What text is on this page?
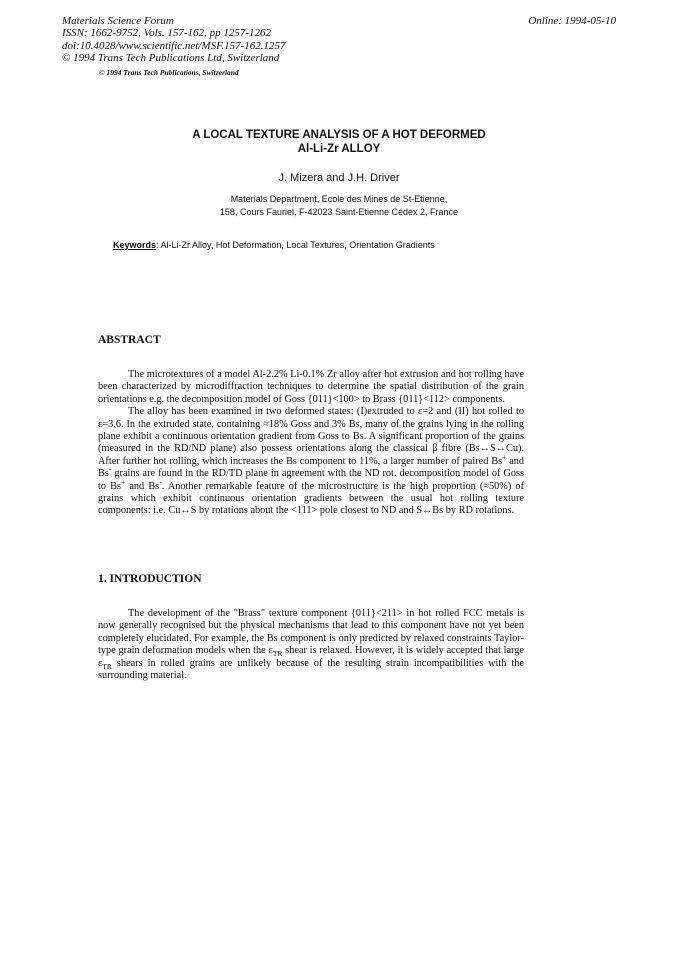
Materials Science Forum
ISSN: 1662-9752, Vols. 157-162, pp 1257-1262
doi:10.4028/www.scientific.net/MSF.157-162.1257
© 1994 Trans Tech Publications Ltd, Switzerland
Online: 1994-05-10
© 1994 Trans Tech Publications, Switzerland
A LOCAL TEXTURE ANALYSIS OF A HOT DEFORMED
Al-Li-Zr ALLOY
J. Mizera and J.H. Driver
Materials Department, Ecole des Mines de St-Etienne,
158, Cours Fauriel, F-42023 Saint-Etienne Cédex 2, France
Keywords: Al-Li-Zr Alloy, Hot Deformation, Local Textures, Orientation Gradients
ABSTRACT

The microtextures of a model Al-2.2% Li-0.1% Zr alloy after hot extrusion and hot rolling have been characterized by microdiffraction techniques to determine the spatial distribution of the grain orientations e.g. the decomposition model of Goss {011}<100> to Brass {011}<112> components.

The alloy has been examined in two deformed states: (I)extruded to ε=2 and (II) hot rolled to ε=3.6. In the extruded state, containing ≈18% Goss and 3% Bs, many of the grains lying in the rolling plane exhibit a continuous orientation gradient from Goss to Bs. A significant proportion of the grains (measured in the RD/ND plane) also possess orientations along the classical β fibre (Bs↔S↔Cu). After further hot rolling, which increases the Bs component to 11%, a larger number of paired Bs+ and Bs- grains are found in the RD/TD plane in agreement with the ND rot. decomposition model of Goss to Bs+ and Bs-. Another remarkable feature of the microstructure is the high proportion (≈50%) of grains which exhibit continuous orientation gradients between the usual hot rolling texture components: i.e. Cu↔S by rotations about the <111> pole closest to ND and S↔Bs by RD rotations.

1. INTRODUCTION

The development of the "Brass" texture component {011}<211> in hot rolled FCC metals is now generally recognised but the physical mechanisms that lead to this component have not yet been completely elucidated. For example, the Bs component is only predicted by relaxed constraints Taylor-type grain deformation models when the $\varepsilon_{TR}$ shear is relaxed. However, it is widely accepted that large $\varepsilon_{TR}$ shears in rolled grains are unlikely because of the resulting strain incompatibilities with the surrounding material.
